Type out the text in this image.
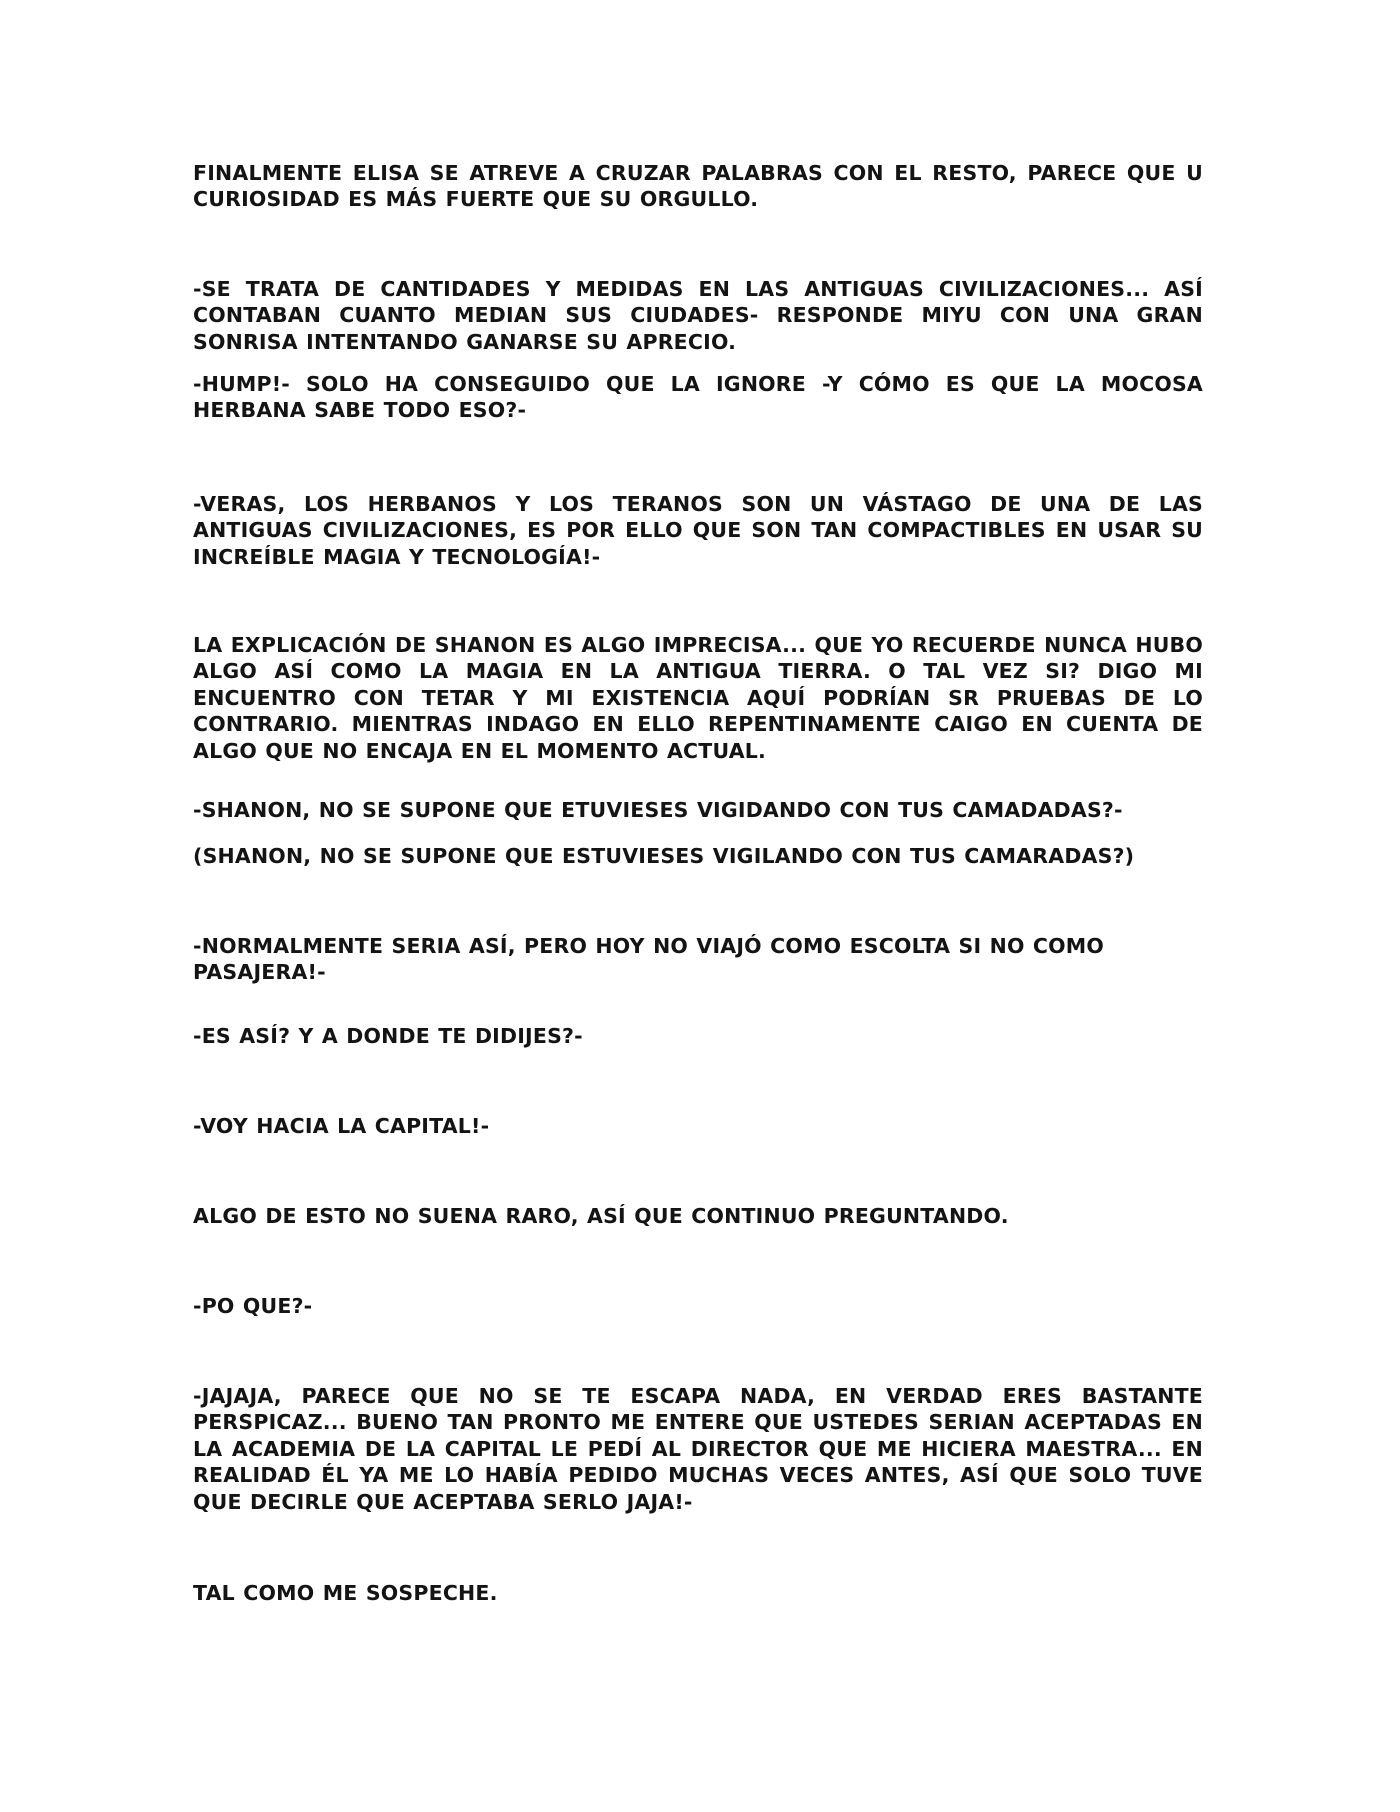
FINALMENTE ELISA SE ATREVE A CRUZAR PALABRAS CON EL RESTO, PARECE QUE U CURIOSIDAD ES MÁS FUERTE QUE SU ORGULLO.

-SE TRATA DE CANTIDADES Y MEDIDAS EN LAS ANTIGUAS CIVILIZACIONES... ASÍ CONTABAN CUANTO MEDIAN SUS CIUDADES- RESPONDE MIYU CON UNA GRAN SONRISA INTENTANDO GANARSE SU APRECIO.

-HUMP!- SOLO HA CONSEGUIDO QUE LA IGNORE -Y CÓMO ES QUE LA MOCOSA HERBANA SABE TODO ESO?-

-VERAS, LOS HERBANOS Y LOS TERANOS SON UN VÁSTAGO DE UNA DE LAS ANTIGUAS CIVILIZACIONES, ES POR ELLO QUE SON TAN COMPACTIBLES EN USAR SU INCREÍBLE MAGIA Y TECNOLOGÍA!-

LA EXPLICACIÓN DE SHANON ES ALGO IMPRECISA... QUE YO RECUERDE NUNCA HUBO ALGO ASÍ COMO LA MAGIA EN LA ANTIGUA TIERRA. O TAL VEZ SI? DIGO MI ENCUENTRO CON TETAR Y MI EXISTENCIA AQUÍ PODRÍAN SR PRUEBAS DE LO CONTRARIO. MIENTRAS INDAGO EN ELLO REPENTINAMENTE CAIGO EN CUENTA DE ALGO QUE NO ENCAJA EN EL MOMENTO ACTUAL.

-SHANON, NO SE SUPONE QUE ETUVIESES VIGIDANDO CON TUS CAMADADAS?-

(SHANON, NO SE SUPONE QUE ESTUVIESES VIGILANDO CON TUS CAMARADAS?)

-NORMALMENTE SERIA ASÍ, PERO HOY NO VIAJÓ COMO ESCOLTA SI NO COMO PASAJERA!-

-ES ASÍ? Y A DONDE TE DIDIJES?-

-VOY HACIA LA CAPITAL!-

ALGO DE ESTO NO SUENA RARO, ASÍ QUE CONTINUO PREGUNTANDO.

-PO QUE?-

-JAJAJA, PARECE QUE NO SE TE ESCAPA NADA, EN VERDAD ERES BASTANTE PERSPICAZ... BUENO TAN PRONTO ME ENTERE QUE USTEDES SERIAN ACEPTADAS EN LA ACADEMIA DE LA CAPITAL LE PEDÍ AL DIRECTOR QUE ME HICIERA MAESTRA... EN REALIDAD ÉL YA ME LO HABÍA PEDIDO MUCHAS VECES ANTES, ASÍ QUE SOLO TUVE QUE DECIRLE QUE ACEPTABA SERLO JAJA!-

TAL COMO ME SOSPECHE.
